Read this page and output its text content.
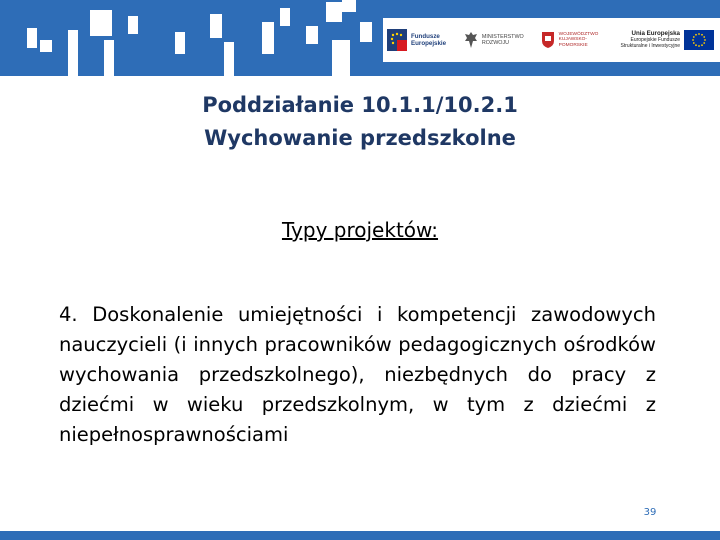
Fundusze
Europejskie
MINISTERSTWO
ROZWOJU
WOJEWÓDZTWO
KUJAWSKO-POMORSKIE
Unia Europejska
Europejskie Fundusze
Strukturalne i Inwestycyjne
Poddziałanie 10.1.1/10.2.1
Wychowanie przedszkolne
Typy projektów:
4. Doskonalenie umiejętności i kompetencji zawodowych nauczycieli (i innych pracowników pedagogicznych ośrodków wychowania przedszkolnego), niezbędnych do pracy z dziećmi w wieku przedszkolnym, w tym z dziećmi z niepełnosprawnościami
39
